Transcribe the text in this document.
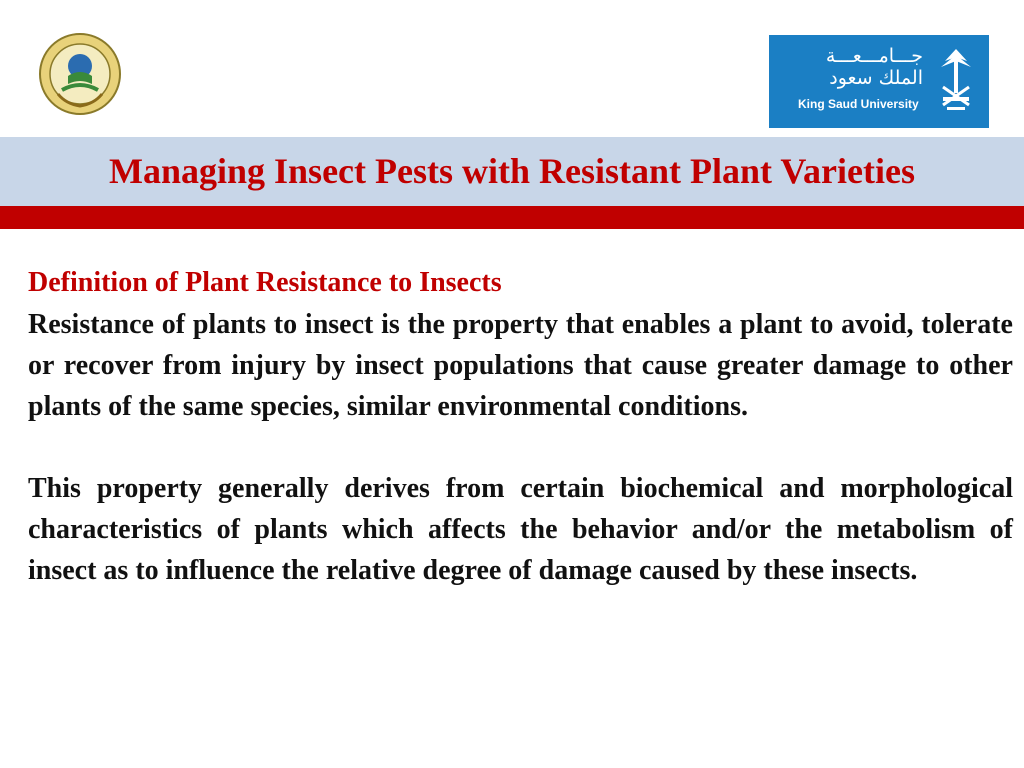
جـــامـــعـــة
الملك سعود
King Saud University
Managing Insect Pests with Resistant Plant Varieties

Definition of Plant Resistance to Insects

Resistance of plants to insect is the property that enables a plant to avoid, tolerate or recover from injury by insect populations that cause greater damage to other plants of the same species, similar environmental conditions.

This property generally derives from certain biochemical and morphological characteristics of plants which affects the behavior and/or the metabolism of insect as to influence the relative degree of damage caused by these insects.
